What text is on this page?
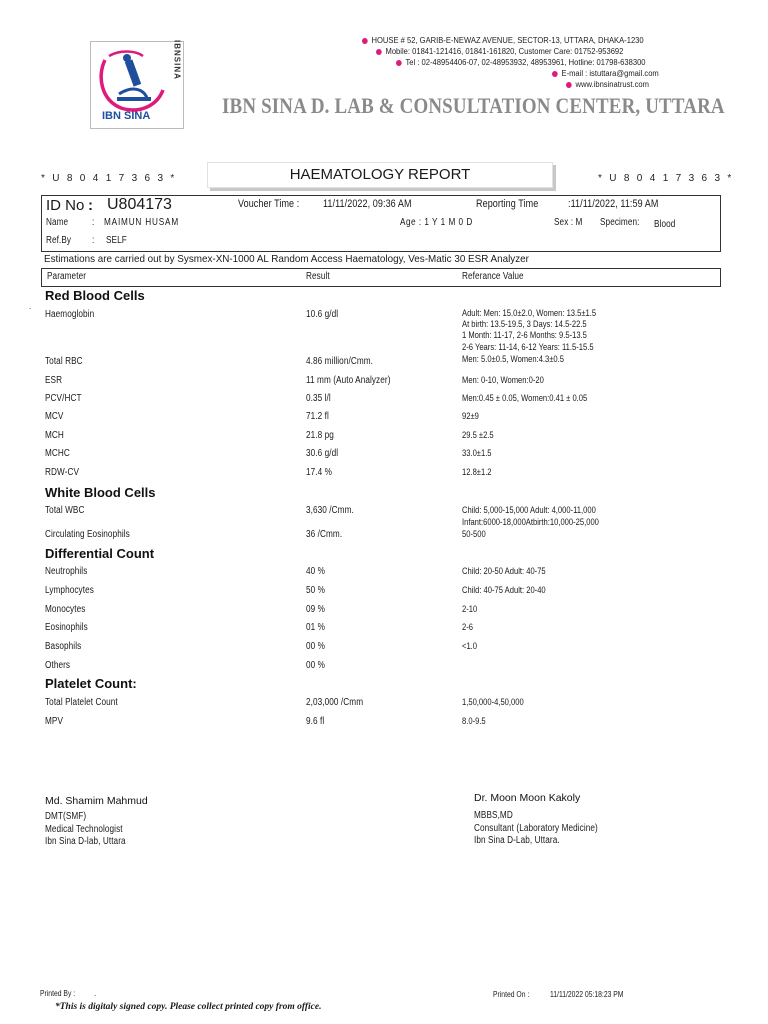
IBN SINA
IBNSINA	HOUSE # 52, GARIB-E-NEWAZ AVENUE, SECTOR-13, UTTARA, DHAKA-1230
Mobile: 01841-121416, 01841-161820, Customer Care: 01752-953692
Tel : 02-48954406-07, 02-48953932, 48953961, Hotline: 01798-638300
E-mail : istuttara@gmail.com
www.ibnsinatrust.com
IBN SINA D. LAB & CONSULTATION CENTER, UTTARA
* U 8 0 4 1 7 3 6 3 *	HAEMATOLOGY REPORT	* U 8 0 4 1 7 3 6 3 *
ID No : U804173	Voucher Time : 11/11/2022, 09:36 AM	Reporting Time	:11/11/2022, 11:59 AM
Name : MAIMUN HUSAM	Age : 1 Y 1 M 0 D	Sex : M Specimen: Blood
Ref.By : SELF
Estimations are carried out by Sysmex-XN-1000 AL Random Access Haematology, Ves-Matic 30 ESR Analyzer
Parameter	Result	Referance Value
.
Red Blood Cells
Haemoglobin	10.6 g/dl	Adult: Men: 15.0±2.0, Women: 13.5±1.5
At birth: 13.5-19.5, 3 Days: 14.5-22.5
1 Month: 11-17, 2-6 Months: 9.5-13.5
2-6 Years: 11-14, 6-12 Years: 11.5-15.5
Total RBC	4.86 million/Cmm.	Men: 5.0±0.5, Women:4.3±0.5
ESR	11 mm (Auto Analyzer)	Men: 0-10, Women:0-20
PCV/HCT	0.35 l/l	Men:0.45 ± 0.05, Women:0.41 ± 0.05
MCV	71.2 fl	92±9
MCH	21.8 pg	29.5 ±2.5
MCHC	30.6 g/dl	33.0±1.5
RDW-CV	17.4 %	12.8±1.2
White Blood Cells
Total WBC	3,630 /Cmm.	Child: 5,000-15,000 Adult: 4,000-11,000
Infant:6000-18,000Atbirth:10,000-25,000
Circulating Eosinophils	36 /Cmm.	50-500
Differential Count
Neutrophils	40 %	Child: 20-50 Adult: 40-75
Lymphocytes	50 %	Child: 40-75 Adult: 20-40
Monocytes	09 %	2-10
Eosinophils	01 %	2-6
Basophils	00 %	<1.0
Others	00 %
Platelet Count:
Total Platelet Count	2,03,000 /Cmm	1,50,000-4,50,000
MPV	9.6 fl	8.0-9.5
Md. Shamim Mahmud
DMT(SMF)
Medical Technologist
Ibn Sina D-lab, Uttara
Dr. Moon Moon Kakoly
MBBS,MD
Consultant (Laboratory Medicine)
Ibn Sina D-Lab, Uttara.
Printed By : .	Printed On :	11/11/2022 05:18:23 PM
*This is digitaly signed copy. Please collect printed copy from office.
